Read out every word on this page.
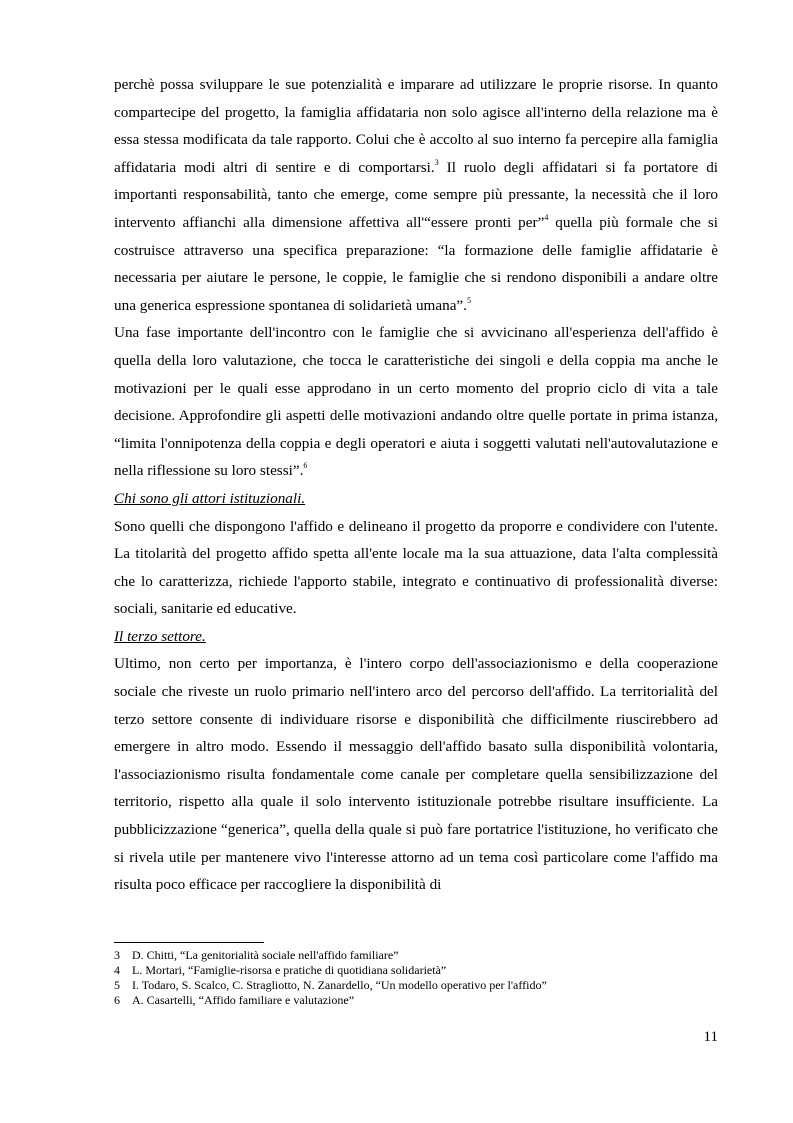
perchè possa sviluppare le sue potenzialità e imparare ad utilizzare le proprie risorse. In quanto compartecipe del progetto, la famiglia affidataria non solo agisce all'interno della relazione ma è essa stessa modificata da tale rapporto. Colui che è accolto al suo interno fa percepire alla famiglia affidataria modi altri di sentire e di comportarsi.$^3$ Il ruolo degli affidatari si fa portatore di importanti responsabilità, tanto che emerge, come sempre più pressante, la necessità che il loro intervento affianchi alla dimensione affettiva all'“essere pronti per”$^4$ quella più formale che si costruisce attraverso una specifica preparazione: “la formazione delle famiglie affidatarie è necessaria per aiutare le persone, le coppie, le famiglie che si rendono disponibili a andare oltre una generica espressione spontanea di solidarietà umana”.$^5$

Una fase importante dell'incontro con le famiglie che si avvicinano all'esperienza dell'affido è quella della loro valutazione, che tocca le caratteristiche dei singoli e della coppia ma anche le motivazioni per le quali esse approdano in un certo momento del proprio ciclo di vita a tale decisione. Approfondire gli aspetti delle motivazioni andando oltre quelle portate in prima istanza, “limita l'onnipotenza della coppia e degli operatori e aiuta i soggetti valutati nell'autovalutazione e nella riflessione su loro stessi”.$^6$

Chi sono gli attori istituzionali.

Sono quelli che dispongono l'affido e delineano il progetto da proporre e condividere con l'utente. La titolarità del progetto affido spetta all'ente locale ma la sua attuazione, data l'alta complessità che lo caratterizza, richiede l'apporto stabile, integrato e continuativo di professionalità diverse: sociali, sanitarie ed educative.

Il terzo settore.

Ultimo, non certo per importanza, è l'intero corpo dell'associazionismo e della cooperazione sociale che riveste un ruolo primario nell'intero arco del percorso dell'affido. La territorialità del terzo settore consente di individuare risorse e disponibilità che difficilmente riuscirebbero ad emergere in altro modo. Essendo il messaggio dell'affido basato sulla disponibilità volontaria, l'associazionismo risulta fondamentale come canale per completare quella sensibilizzazione del territorio, rispetto alla quale il solo intervento istituzionale potrebbe risultare insufficiente. La pubblicizzazione “generica”, quella della quale si può fare portatrice l'istituzione, ho verificato che si rivela utile per mantenere vivo l'interesse attorno ad un tema così particolare come l'affido ma risulta poco efficace per raccogliere la disponibilità di

3 D. Chitti, “La genitorialità sociale nell'affido familiare”
4 L. Mortari, “Famiglie-risorsa e pratiche di quotidiana solidarietà”
5 I. Todaro, S. Scalco, C. Stragliotto, N. Zanardello, “Un modello operativo per l'affido”
6 A. Casartelli, “Affido familiare e valutazione”
11
